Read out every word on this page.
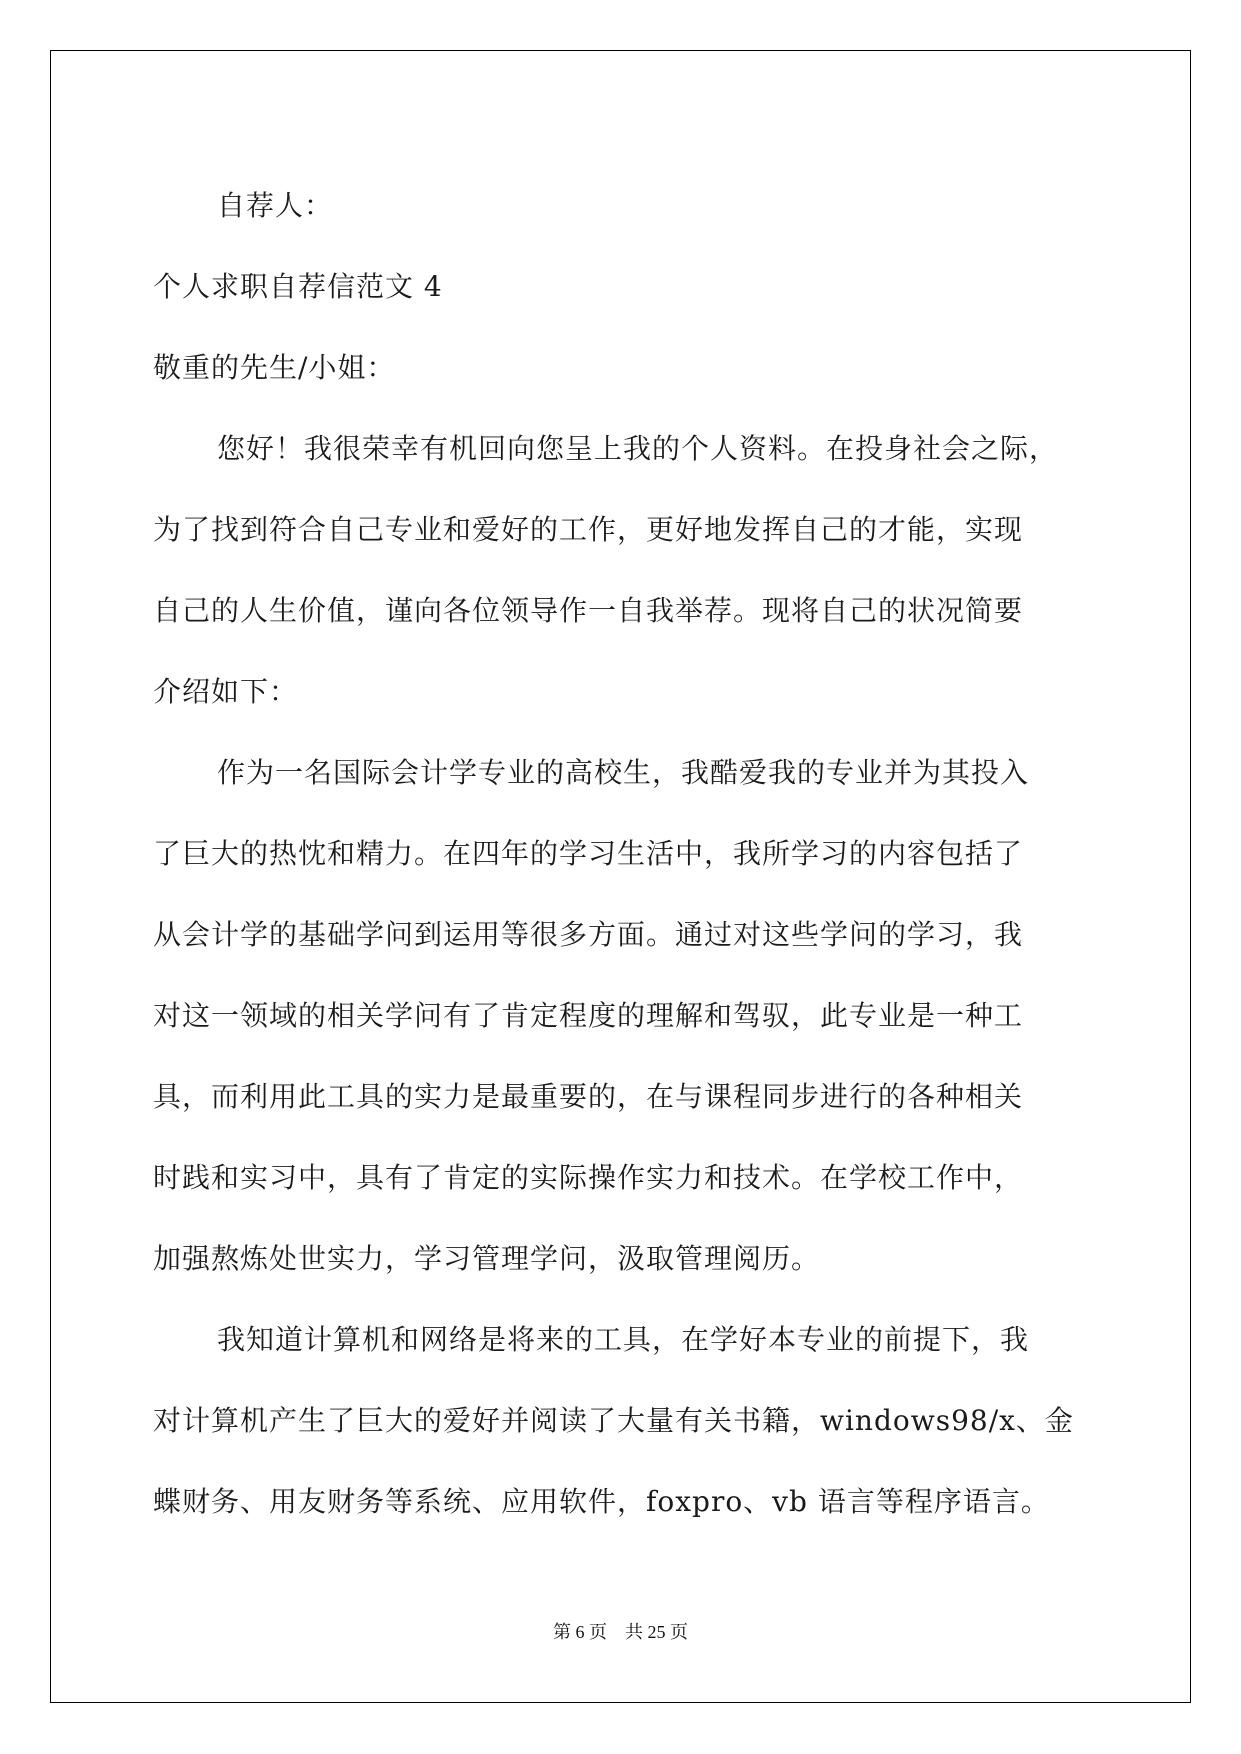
自荐人：
个人求职自荐信范文 4
敬重的先生/小姐：
您好！我很荣幸有机回向您呈上我的个人资料。在投身社会之际，
为了找到符合自己专业和爱好的工作，更好地发挥自己的才能，实现
自己的人生价值，谨向各位领导作一自我举荐。现将自己的状况简要
介绍如下：
作为一名国际会计学专业的高校生，我酷爱我的专业并为其投入
了巨大的热忱和精力。在四年的学习生活中，我所学习的内容包括了
从会计学的基础学问到运用等很多方面。通过对这些学问的学习，我
对这一领域的相关学问有了肯定程度的理解和驾驭，此专业是一种工
具，而利用此工具的实力是最重要的，在与课程同步进行的各种相关
时践和实习中，具有了肯定的实际操作实力和技术。在学校工作中，
加强熬炼处世实力，学习管理学问，汲取管理阅历。
我知道计算机和网络是将来的工具，在学好本专业的前提下，我
对计算机产生了巨大的爱好并阅读了大量有关书籍，windows98/x、金
蝶财务、用友财务等系统、应用软件，foxpro、vb 语言等程序语言。
第 6 页　共 25 页
